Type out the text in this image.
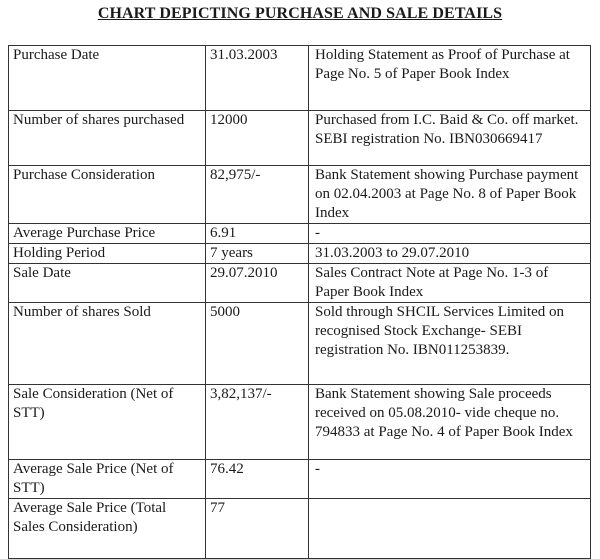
CHART DEPICTING PURCHASE AND SALE DETAILS
Purchase Date	31.03.2003	Holding Statement as Proof of Purchase at Page No. 5 of Paper Book Index
Number of shares purchased	12000	Purchased from I.C. Baid & Co. off market. SEBI registration No. IBN030669417
Purchase Consideration	82,975/-	Bank Statement showing Purchase payment on 02.04.2003 at Page No. 8 of Paper Book Index
Average Purchase Price	6.91	-
Holding Period	7 years	31.03.2003 to 29.07.2010
Sale Date	29.07.2010	Sales Contract Note at Page No. 1-3 of Paper Book Index
Number of shares Sold	5000	Sold through SHCIL Services Limited on recognised Stock Exchange- SEBI registration No. IBN011253839.
Sale Consideration (Net of STT)	3,82,137/-	Bank Statement showing Sale proceeds received on 05.08.2010- vide cheque no. 794833 at Page No. 4 of Paper Book Index
Average Sale Price (Net of STT)	76.42	-
Average Sale Price (Total Sales Consideration)	77	
